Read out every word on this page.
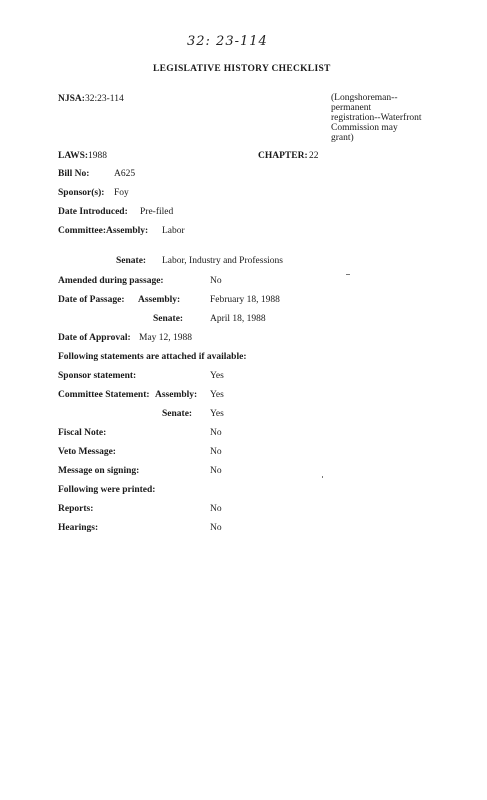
32: 23-114
LEGISLATIVE HISTORY CHECKLIST
NJSA: 32:23-114	(Longshoreman--
permanent
registration--Waterfront
Commission may
grant)
LAWS: 1988	CHAPTER: 22
Bill No:	A625
Sponsor(s): Foy
Date Introduced: Pre-filed
Committee: Assembly: Labor
Senate: Labor, Industry and Professions
Amended during passage:	No
Date of Passage: Assembly:	February 18, 1988
Senate:	April 18, 1988
Date of Approval: May 12, 1988
Following statements are attached if available:
Sponsor statement:	Yes
Committee Statement: Assembly: Yes
Senate: Yes
Fiscal Note:	No
Veto Message:	No
Message on signing:	No
Following were printed:
Reports:	No
Hearings:	No
